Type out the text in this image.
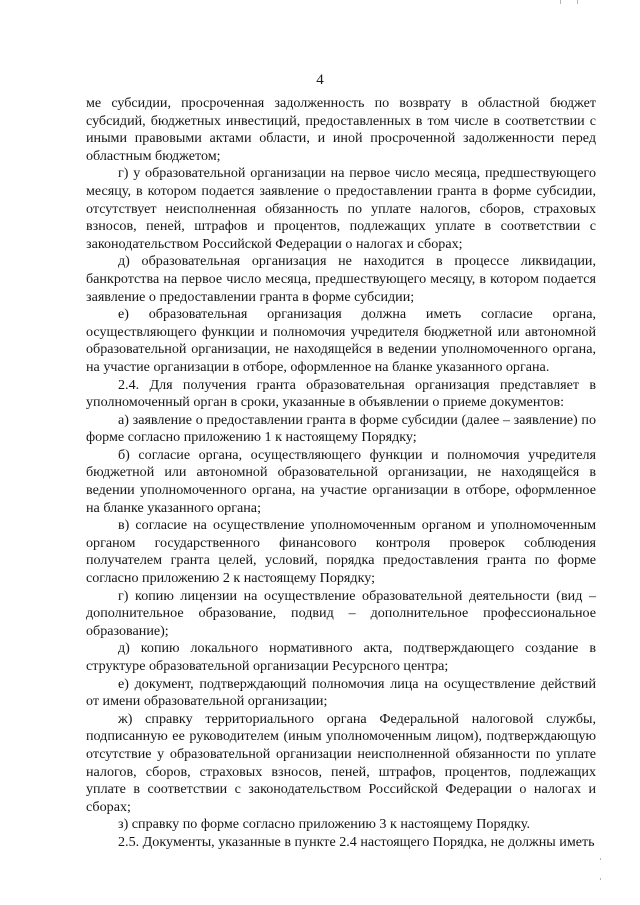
4

ме субсидии, просроченная задолженность по возврату в областной бюджет субсидий, бюджетных инвестиций, предоставленных в том числе в соответствии с иными правовыми актами области, и иной просроченной задолженности перед областным бюджетом;

г) у образовательной организации на первое число месяца, предшествующего месяцу, в котором подается заявление о предоставлении гранта в форме субсидии, отсутствует неисполненная обязанность по уплате налогов, сборов, страховых взносов, пеней, штрафов и процентов, подлежащих уплате в соответствии с законодательством Российской Федерации о налогах и сборах;

д) образовательная организация не находится в процессе ликвидации, банкротства на первое число месяца, предшествующего месяцу, в котором подается заявление о предоставлении гранта в форме субсидии;

е) образовательная организация должна иметь согласие органа, осуществляющего функции и полномочия учредителя бюджетной или автономной образовательной организации, не находящейся в ведении уполномоченного органа, на участие организации в отборе, оформленное на бланке указанного органа.

2.4. Для получения гранта образовательная организация представляет в уполномоченный орган в сроки, указанные в объявлении о приеме документов:

а) заявление о предоставлении гранта в форме субсидии (далее – заявление) по форме согласно приложению 1 к настоящему Порядку;

б) согласие органа, осуществляющего функции и полномочия учредителя бюджетной или автономной образовательной организации, не находящейся в ведении уполномоченного органа, на участие организации в отборе, оформленное на бланке указанного органа;

в) согласие на осуществление уполномоченным органом и уполномоченным органом государственного финансового контроля проверок соблюдения получателем гранта целей, условий, порядка предоставления гранта по форме согласно приложению 2 к настоящему Порядку;

г) копию лицензии на осуществление образовательной деятельности (вид – дополнительное образование, подвид – дополнительное профессиональное образование);

д) копию локального нормативного акта, подтверждающего создание в структуре образовательной организации Ресурсного центра;

е) документ, подтверждающий полномочия лица на осуществление действий от имени образовательной организации;

ж) справку территориального органа Федеральной налоговой службы, подписанную ее руководителем (иным уполномоченным лицом), подтверждающую отсутствие у образовательной организации неисполненной обязанности по уплате налогов, сборов, страховых взносов, пеней, штрафов, процентов, подлежащих уплате в соответствии с законодательством Российской Федерации о налогах и сборах;

з) справку по форме согласно приложению 3 к настоящему Порядку.

2.5. Документы, указанные в пункте 2.4 настоящего Порядка, не должны иметь
